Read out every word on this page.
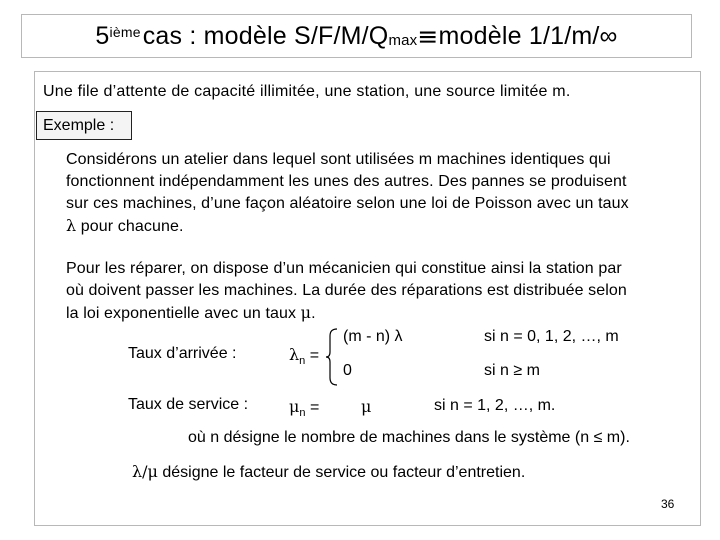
5ième cas : modèle $S/F/M/Q_{max}$ ≡ modèle 1/1/m/∞
Une file d’attente de capacité illimitée, une station, une source limitée m.
Exemple :
Considérons un atelier dans lequel sont utilisées m machines identiques qui
fonctionnent indépendamment les unes des autres. Des pannes se produisent
sur ces machines, d’une façon aléatoire selon une loi de Poisson avec un taux
λ pour chacune.
Pour les réparer, on dispose d’un mécanicien qui constitue ainsi la station par
où doivent passer les machines. La durée des réparations est distribuée selon
la loi exponentielle avec un taux μ.
Taux d’arrivée :	$\lambda_n$ =
(m - n) λ	si n = 0, 1, 2, …, m
0	si n ≥ m
Taux de service :	$\mu_n$ =	μ	si n = 1, 2, …, m.
où n désigne le nombre de machines dans le système (n ≤ m).
λ/μ désigne le facteur de service ou facteur d’entretien.
36
